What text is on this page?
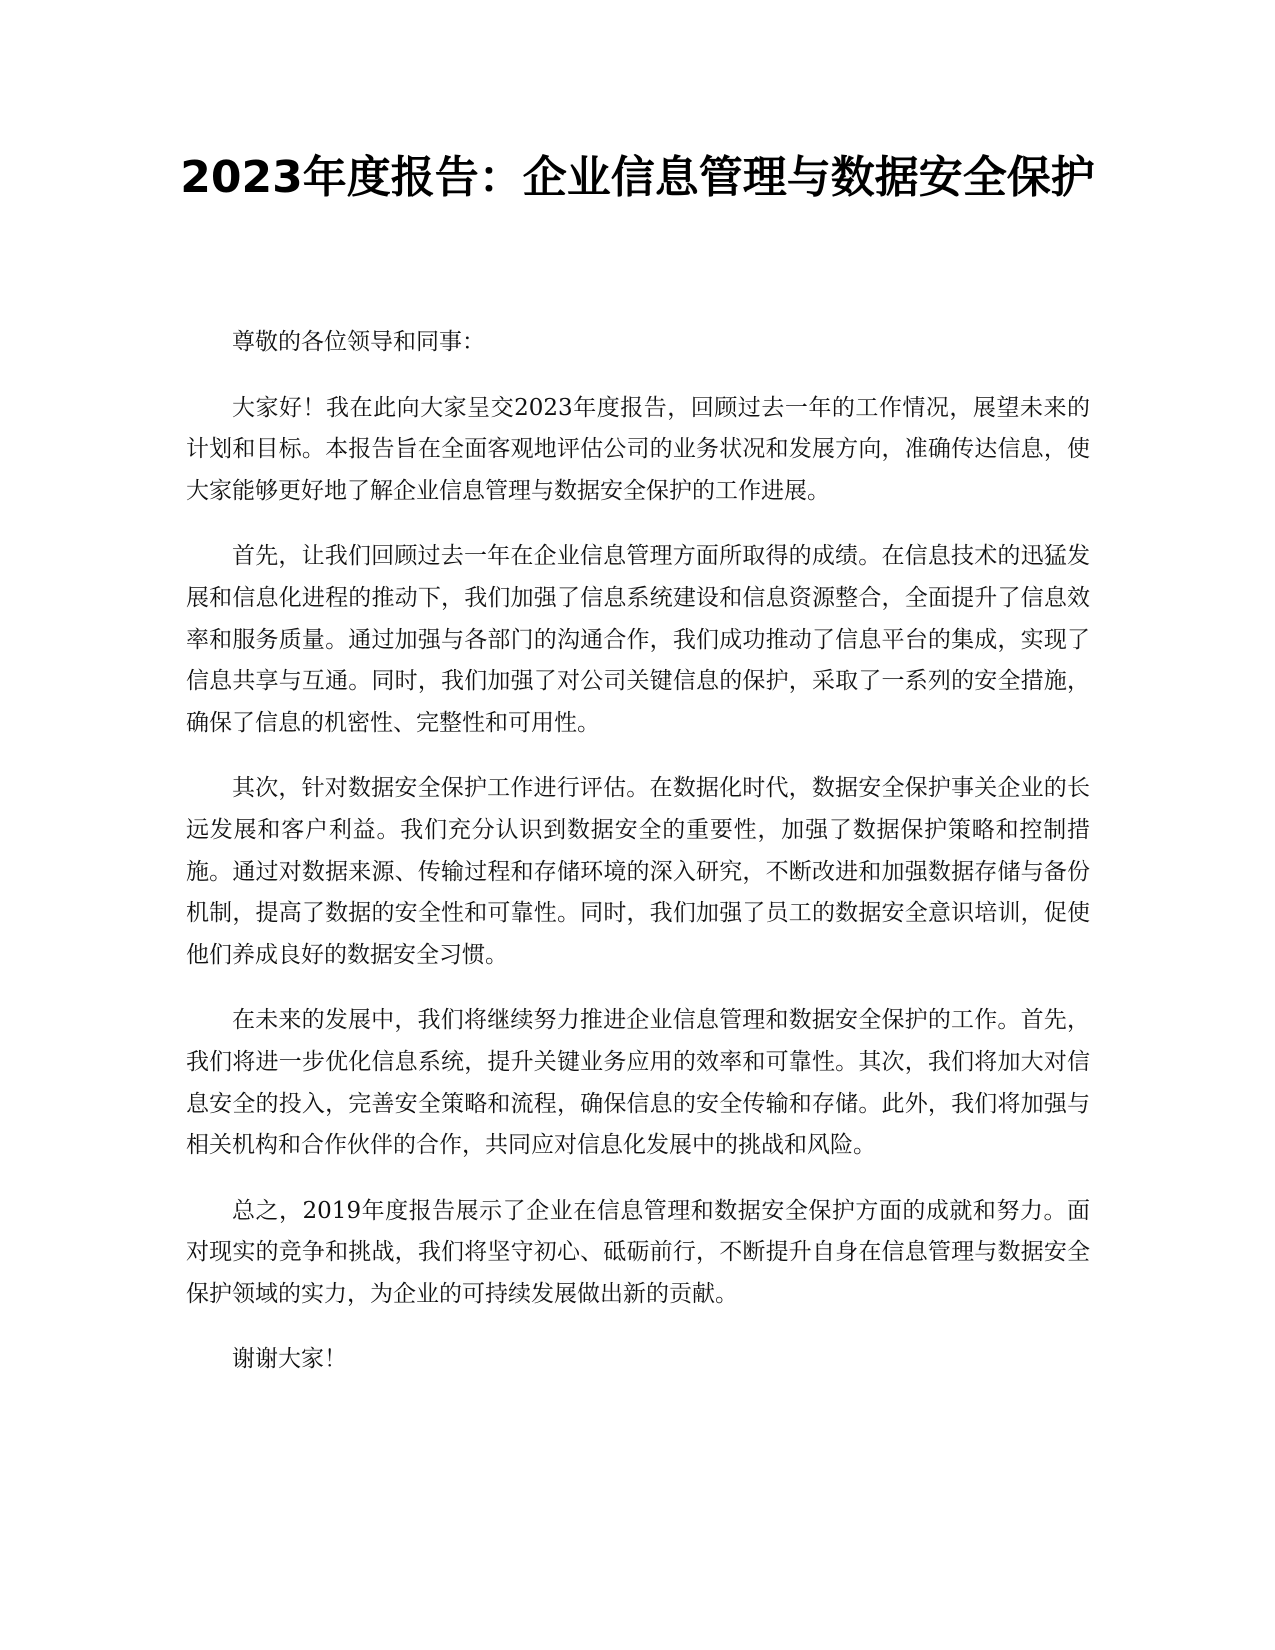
2023年度报告：企业信息管理与数据安全保护

尊敬的各位领导和同事：

大家好！我在此向大家呈交2023年度报告，回顾过去一年的工作情况，展望未来的计划和目标。本报告旨在全面客观地评估公司的业务状况和发展方向，准确传达信息，使大家能够更好地了解企业信息管理与数据安全保护的工作进展。

首先，让我们回顾过去一年在企业信息管理方面所取得的成绩。在信息技术的迅猛发展和信息化进程的推动下，我们加强了信息系统建设和信息资源整合，全面提升了信息效率和服务质量。通过加强与各部门的沟通合作，我们成功推动了信息平台的集成，实现了信息共享与互通。同时，我们加强了对公司关键信息的保护，采取了一系列的安全措施，确保了信息的机密性、完整性和可用性。

其次，针对数据安全保护工作进行评估。在数据化时代，数据安全保护事关企业的长远发展和客户利益。我们充分认识到数据安全的重要性，加强了数据保护策略和控制措施。通过对数据来源、传输过程和存储环境的深入研究，不断改进和加强数据存储与备份机制，提高了数据的安全性和可靠性。同时，我们加强了员工的数据安全意识培训，促使他们养成良好的数据安全习惯。

在未来的发展中，我们将继续努力推进企业信息管理和数据安全保护的工作。首先，我们将进一步优化信息系统，提升关键业务应用的效率和可靠性。其次，我们将加大对信息安全的投入，完善安全策略和流程，确保信息的安全传输和存储。此外，我们将加强与相关机构和合作伙伴的合作，共同应对信息化发展中的挑战和风险。

总之，2019年度报告展示了企业在信息管理和数据安全保护方面的成就和努力。面对现实的竞争和挑战，我们将坚守初心、砥砺前行，不断提升自身在信息管理与数据安全保护领域的实力，为企业的可持续发展做出新的贡献。

谢谢大家！
